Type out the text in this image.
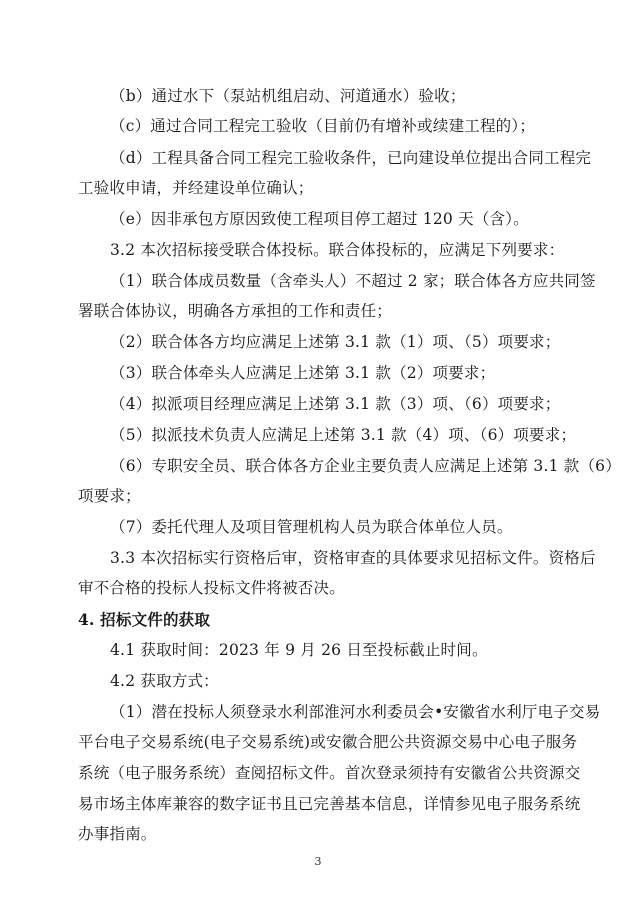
（b）通过水下（泵站机组启动、河道通水）验收；
（c）通过合同工程完工验收（目前仍有增补或续建工程的）；
（d）工程具备合同工程完工验收条件，已向建设单位提出合同工程完
工验收申请，并经建设单位确认；
（e）因非承包方原因致使工程项目停工超过 120 天（含）。
3.2 本次招标接受联合体投标。联合体投标的，应满足下列要求：
（1）联合体成员数量（含牵头人）不超过 2 家；联合体各方应共同签
署联合体协议，明确各方承担的工作和责任；
（2）联合体各方均应满足上述第 3.1 款（1）项、（5）项要求；
（3）联合体牵头人应满足上述第 3.1 款（2）项要求；
（4）拟派项目经理应满足上述第 3.1 款（3）项、（6）项要求；
（5）拟派技术负责人应满足上述第 3.1 款（4）项、（6）项要求；
（6）专职安全员、联合体各方企业主要负责人应满足上述第 3.1 款（6）
项要求；
（7）委托代理人及项目管理机构人员为联合体单位人员。
3.3 本次招标实行资格后审，资格审查的具体要求见招标文件。资格后
审不合格的投标人投标文件将被否决。
4. 招标文件的获取
4.1 获取时间：2023 年 9 月 26 日至投标截止时间。
4.2 获取方式：
（1）潜在投标人须登录水利部淮河水利委员会•安徽省水利厅电子交易
平台电子交易系统(电子交易系统)或安徽合肥公共资源交易中心电子服务
系统（电子服务系统）查阅招标文件。首次登录须持有安徽省公共资源交
易市场主体库兼容的数字证书且已完善基本信息，详情参见电子服务系统
办事指南。
3
